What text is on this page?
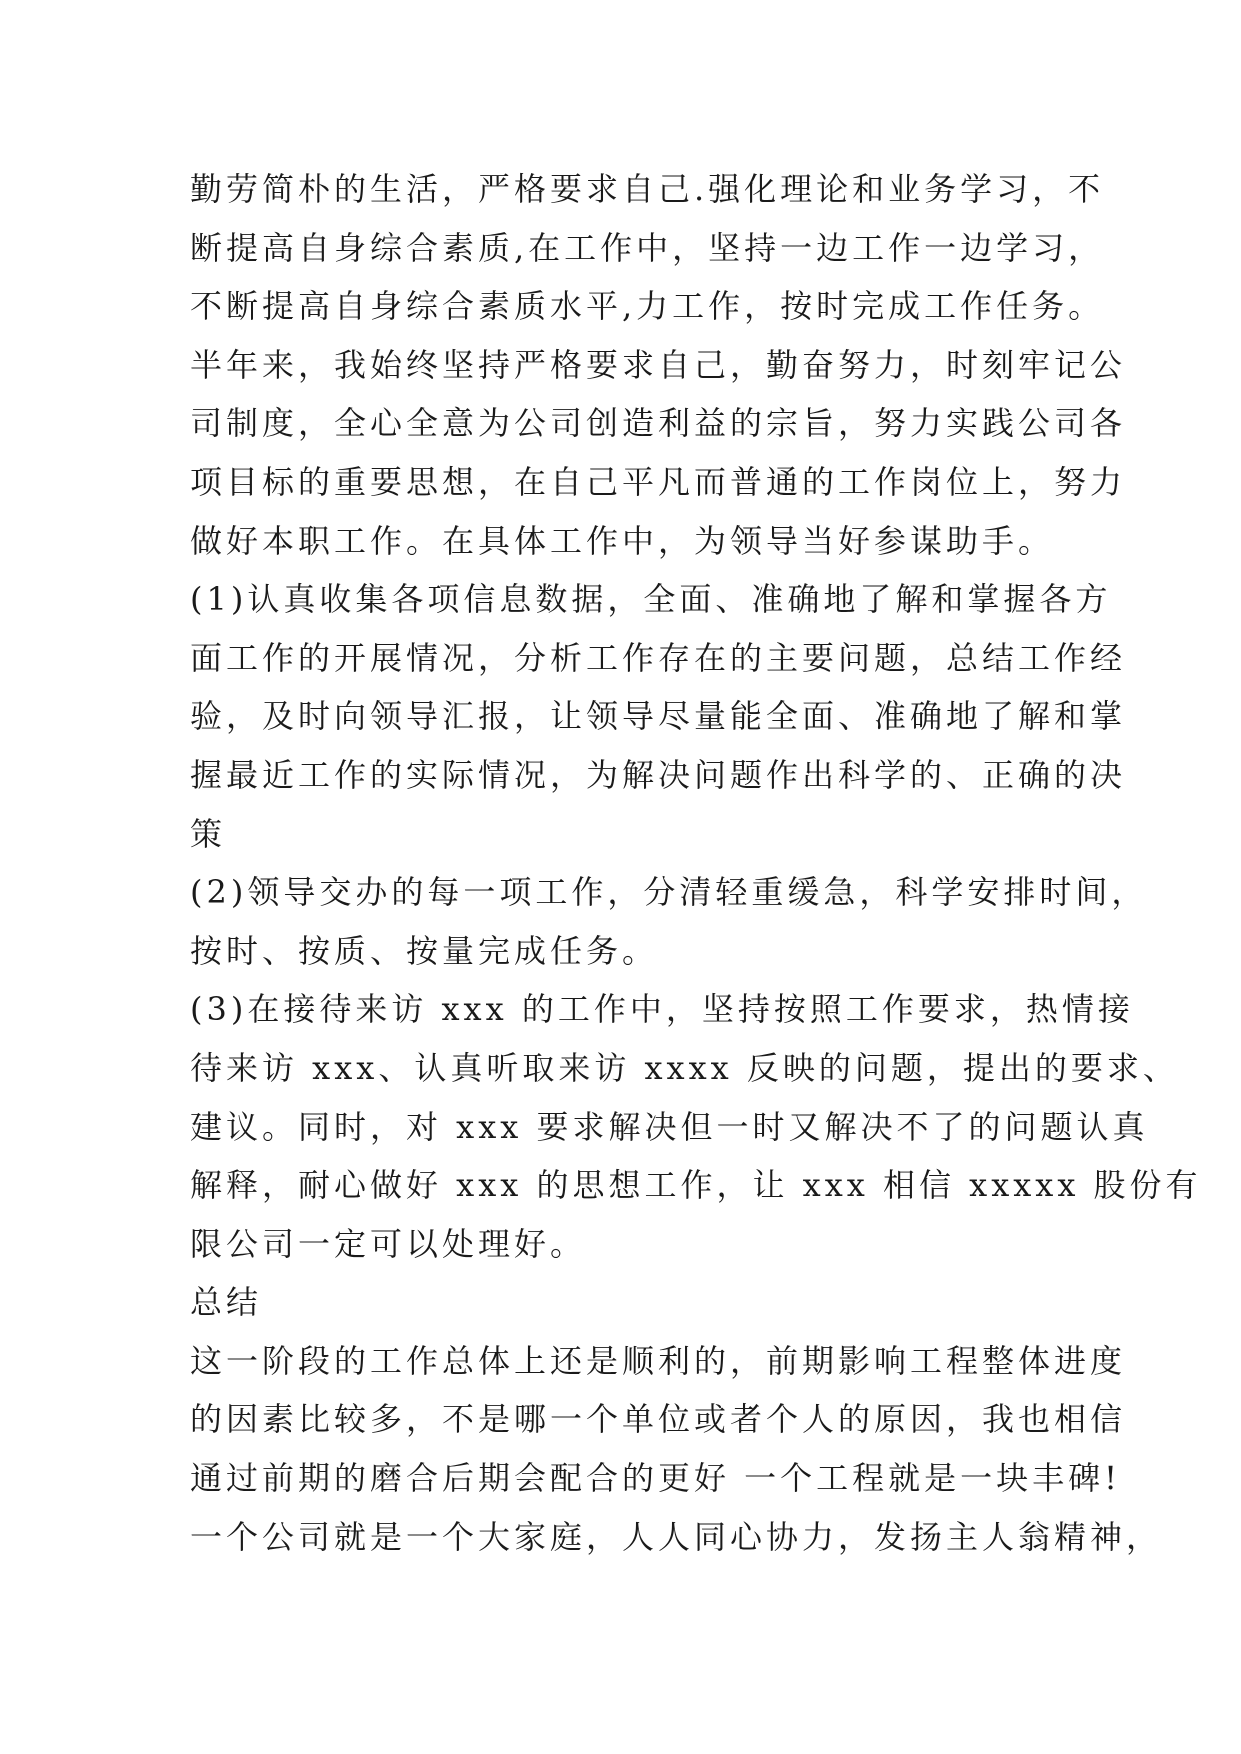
勤劳简朴的生活，严格要求自己.强化理论和业务学习，不
断提高自身综合素质,在工作中，坚持一边工作一边学习，
不断提高自身综合素质水平,力工作，按时完成工作任务。
半年来，我始终坚持严格要求自己，勤奋努力，时刻牢记公
司制度，全心全意为公司创造利益的宗旨，努力实践公司各
项目标的重要思想，在自己平凡而普通的工作岗位上，努力
做好本职工作。在具体工作中，为领导当好参谋助手。
(1)认真收集各项信息数据，全面、准确地了解和掌握各方
面工作的开展情况，分析工作存在的主要问题，总结工作经
验，及时向领导汇报，让领导尽量能全面、准确地了解和掌
握最近工作的实际情况，为解决问题作出科学的、正确的决
策
(2)领导交办的每一项工作，分清轻重缓急，科学安排时间，
按时、按质、按量完成任务。
(3)在接待来访 xxx 的工作中，坚持按照工作要求，热情接
待来访 xxx、认真听取来访 xxxx 反映的问题，提出的要求、
建议。同时，对 xxx 要求解决但一时又解决不了的问题认真
解释，耐心做好 xxx 的思想工作，让 xxx 相信 xxxxx 股份有
限公司一定可以处理好。
总结
这一阶段的工作总体上还是顺利的，前期影响工程整体进度
的因素比较多，不是哪一个单位或者个人的原因，我也相信
通过前期的磨合后期会配合的更好 一个工程就是一块丰碑!
一个公司就是一个大家庭，人人同心协力，发扬主人翁精神，
